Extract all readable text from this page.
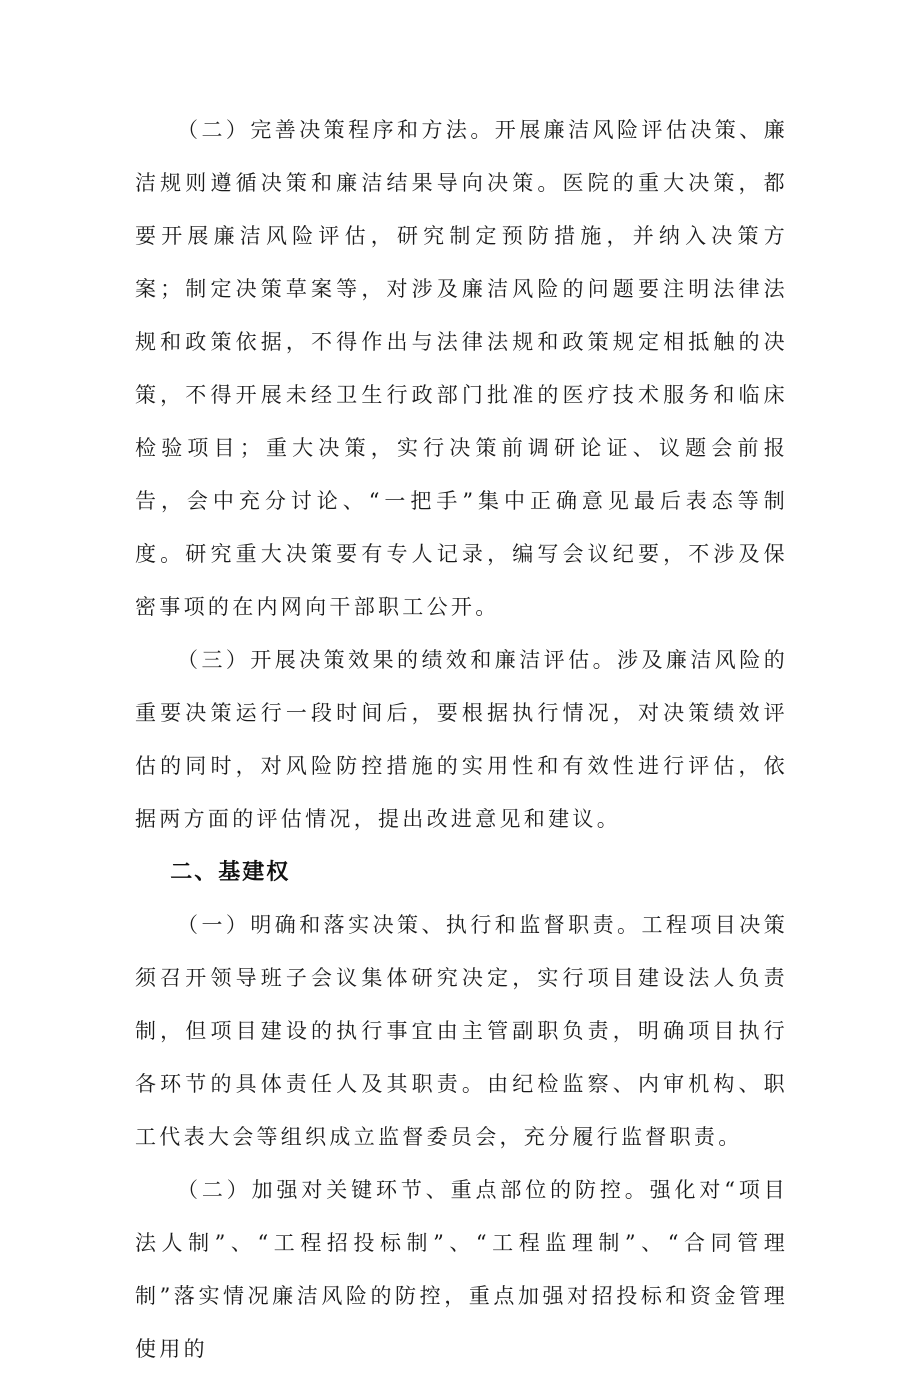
（二）完善决策程序和方法。开展廉洁风险评估决策、廉洁规则遵循决策和廉洁结果导向决策。医院的重大决策，都要开展廉洁风险评估，研究制定预防措施，并纳入决策方案；制定决策草案等，对涉及廉洁风险的问题要注明法律法规和政策依据，不得作出与法律法规和政策规定相抵触的决策，不得开展未经卫生行政部门批准的医疗技术服务和临床检验项目；重大决策，实行决策前调研论证、议题会前报告，会中充分讨论、“一把手”集中正确意见最后表态等制度。研究重大决策要有专人记录，编写会议纪要，不涉及保密事项的在内网向干部职工公开。

（三）开展决策效果的绩效和廉洁评估。涉及廉洁风险的重要决策运行一段时间后，要根据执行情况，对决策绩效评估的同时，对风险防控措施的实用性和有效性进行评估，依据两方面的评估情况，提出改进意见和建议。

二、基建权

（一）明确和落实决策、执行和监督职责。工程项目决策须召开领导班子会议集体研究决定，实行项目建设法人负责制，但项目建设的执行事宜由主管副职负责，明确项目执行各环节的具体责任人及其职责。由纪检监察、内审机构、职工代表大会等组织成立监督委员会，充分履行监督职责。

（二）加强对关键环节、重点部位的防控。强化对“项目法人制”、“工程招投标制”、“工程监理制”、“合同管理制”落实情况廉洁风险的防控，重点加强对招投标和资金管理使用的
